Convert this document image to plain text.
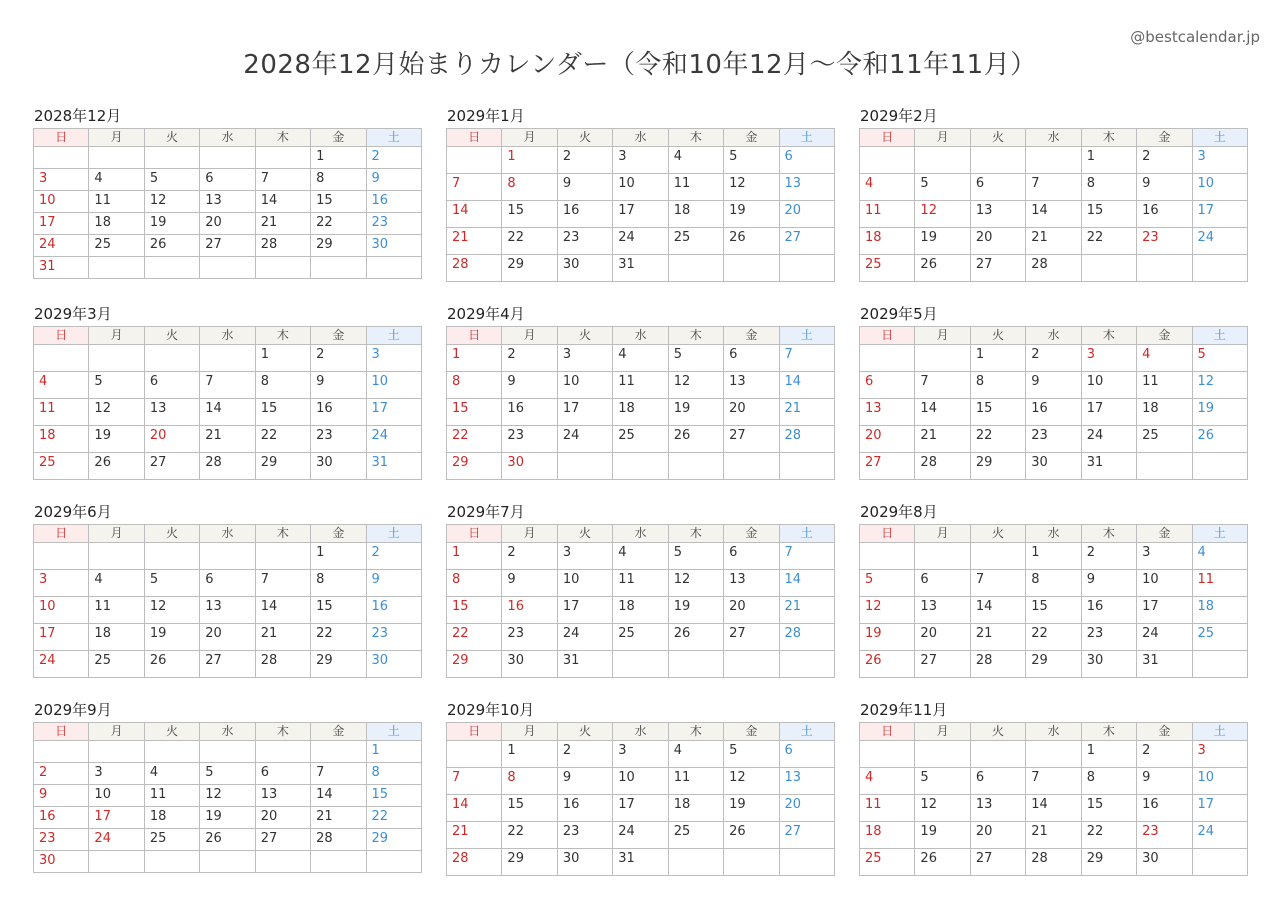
@bestcalendar.jp
2028年12月始まりカレンダー（令和10年12月〜令和11年11月）
2028年12月
日	月	火	水	木	金	土
					1	2
3	4	5	6	7	8	9
10	11	12	13	14	15	16
17	18	19	20	21	22	23
24	25	26	27	28	29	30
31						
2029年1月
日	月	火	水	木	金	土
	1	2	3	4	5	6
7	8	9	10	11	12	13
14	15	16	17	18	19	20
21	22	23	24	25	26	27
28	29	30	31			
2029年2月
日	月	火	水	木	金	土
				1	2	3
4	5	6	7	8	9	10
11	12	13	14	15	16	17
18	19	20	21	22	23	24
25	26	27	28			
2029年3月
日	月	火	水	木	金	土
				1	2	3
4	5	6	7	8	9	10
11	12	13	14	15	16	17
18	19	20	21	22	23	24
25	26	27	28	29	30	31
2029年4月
日	月	火	水	木	金	土
1	2	3	4	5	6	7
8	9	10	11	12	13	14
15	16	17	18	19	20	21
22	23	24	25	26	27	28
29	30					
2029年5月
日	月	火	水	木	金	土
		1	2	3	4	5
6	7	8	9	10	11	12
13	14	15	16	17	18	19
20	21	22	23	24	25	26
27	28	29	30	31		
2029年6月
日	月	火	水	木	金	土
					1	2
3	4	5	6	7	8	9
10	11	12	13	14	15	16
17	18	19	20	21	22	23
24	25	26	27	28	29	30
2029年7月
日	月	火	水	木	金	土
1	2	3	4	5	6	7
8	9	10	11	12	13	14
15	16	17	18	19	20	21
22	23	24	25	26	27	28
29	30	31				
2029年8月
日	月	火	水	木	金	土
			1	2	3	4
5	6	7	8	9	10	11
12	13	14	15	16	17	18
19	20	21	22	23	24	25
26	27	28	29	30	31	
2029年9月
日	月	火	水	木	金	土
						1
2	3	4	5	6	7	8
9	10	11	12	13	14	15
16	17	18	19	20	21	22
23	24	25	26	27	28	29
30						
2029年10月
日	月	火	水	木	金	土
	1	2	3	4	5	6
7	8	9	10	11	12	13
14	15	16	17	18	19	20
21	22	23	24	25	26	27
28	29	30	31			
2029年11月
日	月	火	水	木	金	土
				1	2	3
4	5	6	7	8	9	10
11	12	13	14	15	16	17
18	19	20	21	22	23	24
25	26	27	28	29	30	
